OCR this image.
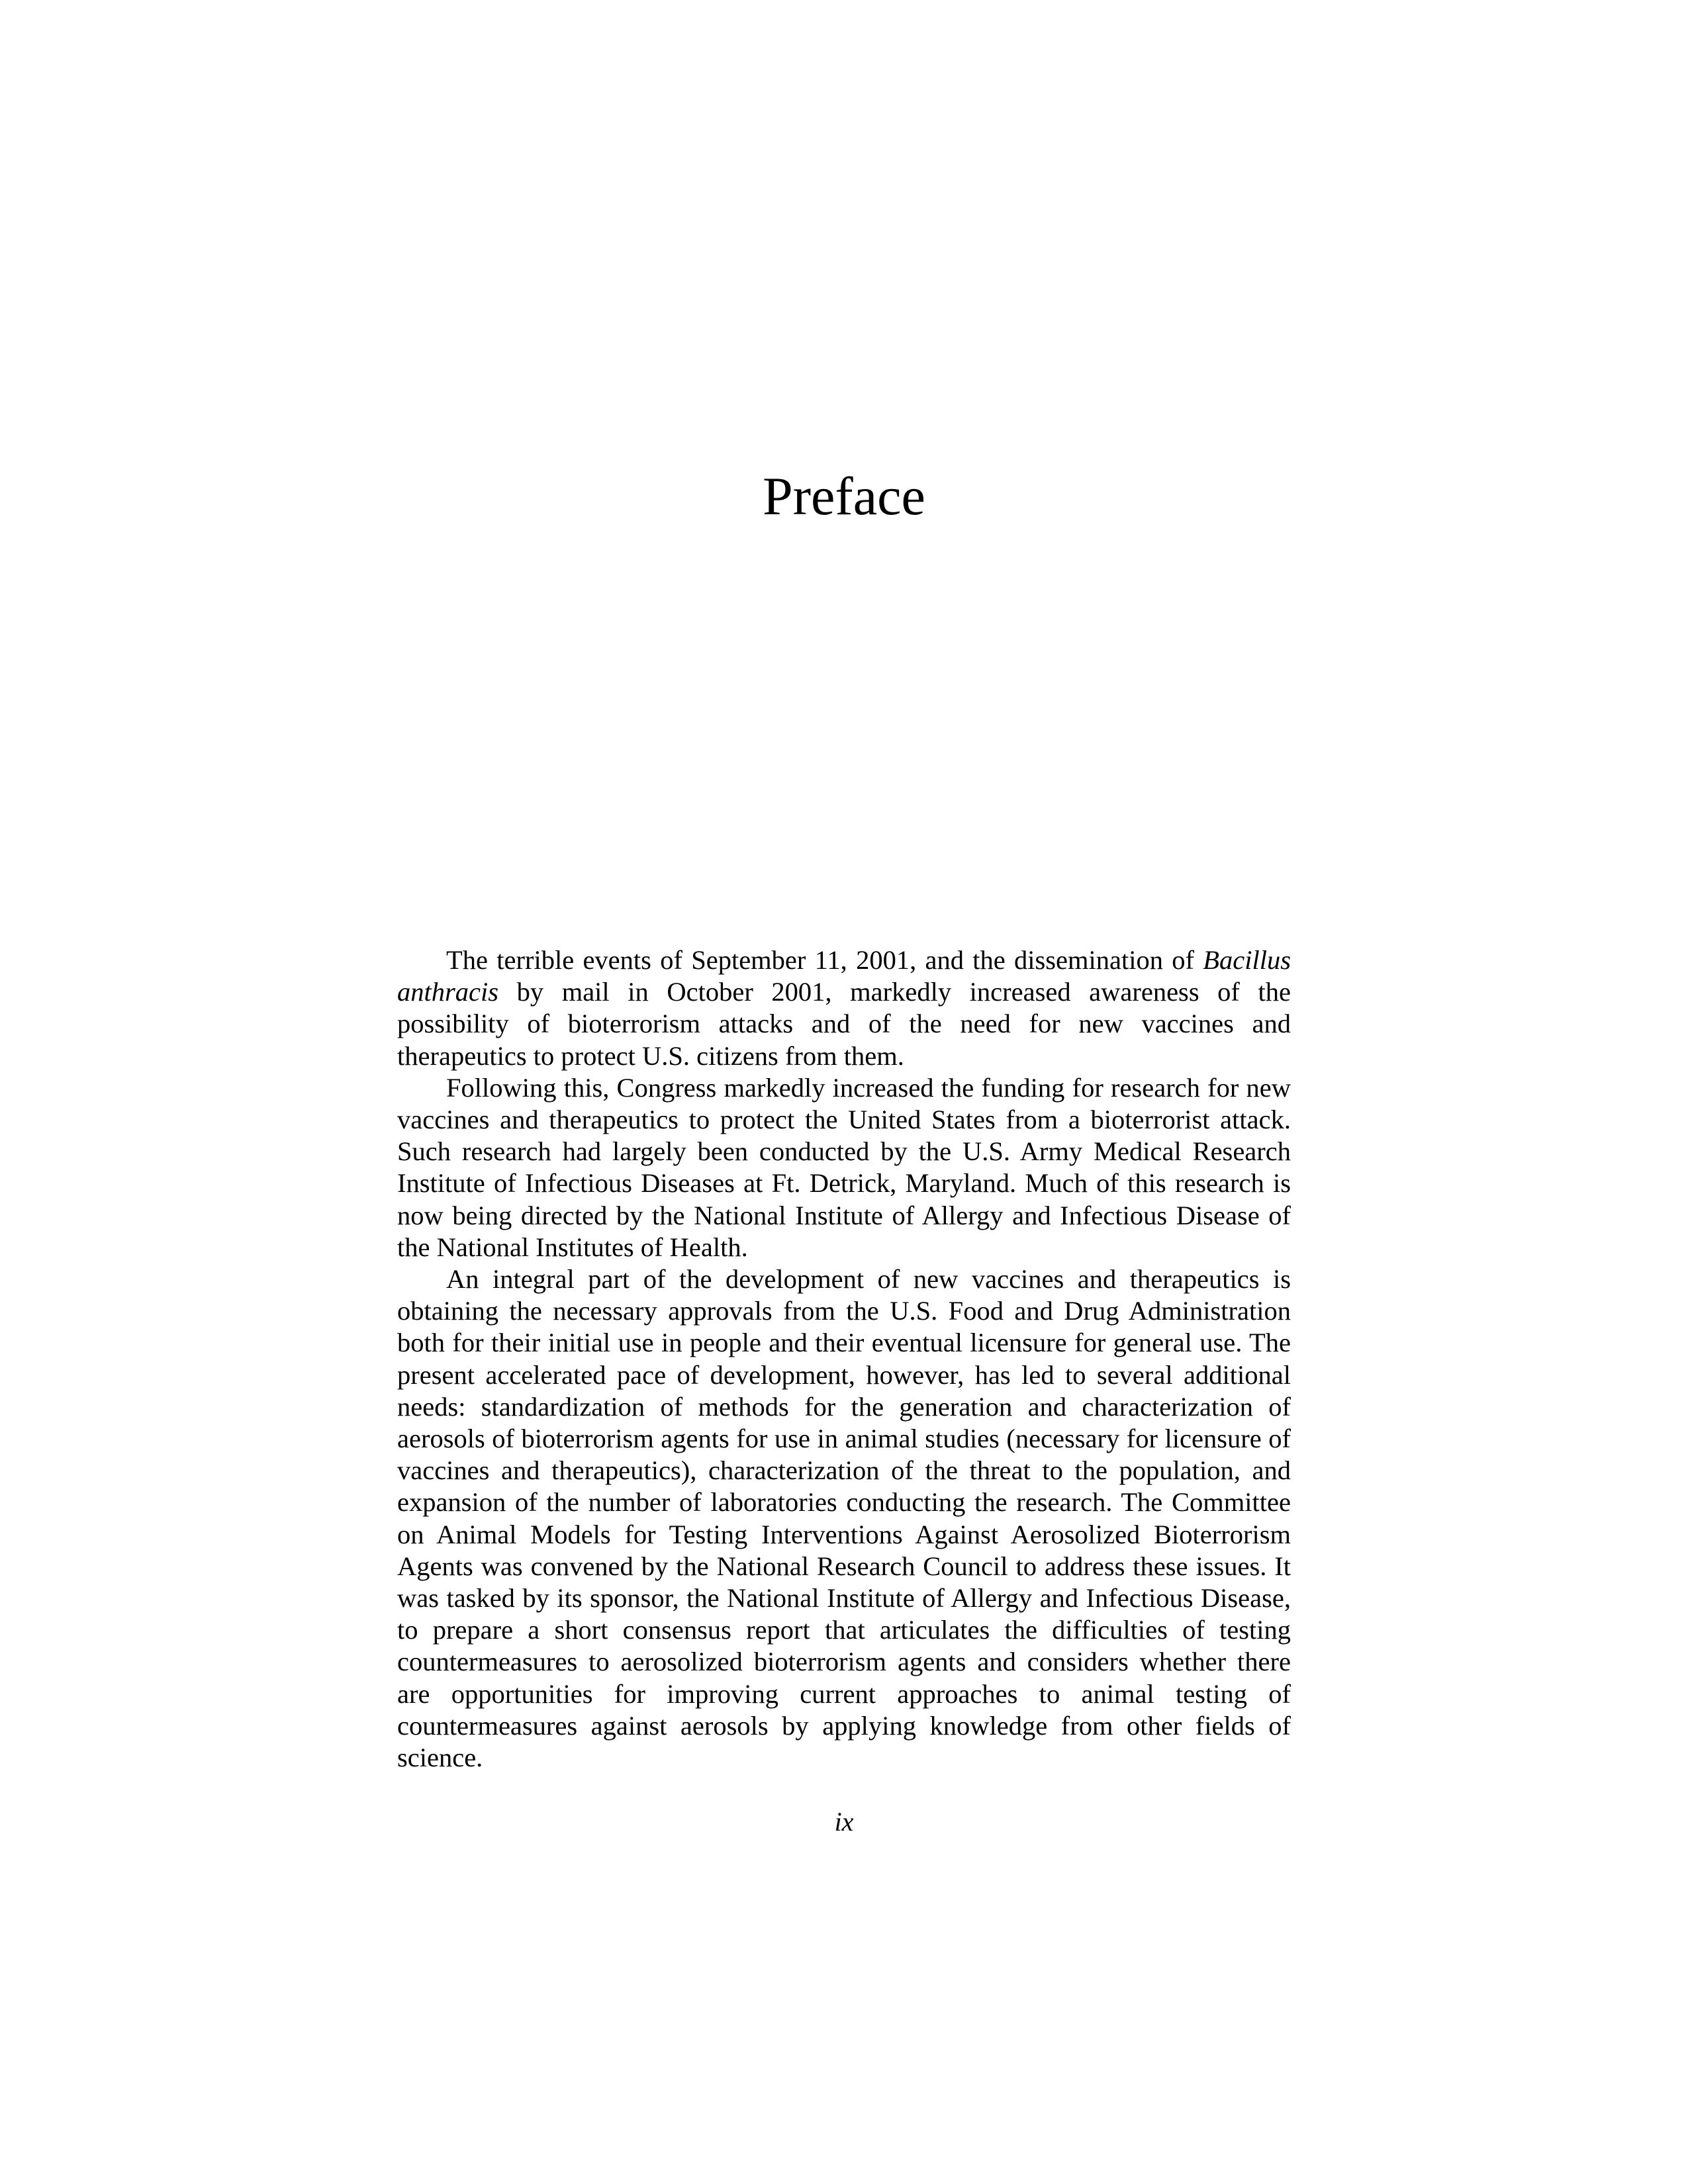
Preface

The terrible events of September 11, 2001, and the dissemination of Bacillus anthracis by mail in October 2001, markedly increased awareness of the possibility of bioterrorism attacks and of the need for new vaccines and therapeutics to protect U.S. citizens from them.

Following this, Congress markedly increased the funding for research for new vaccines and therapeutics to protect the United States from a bioterrorist attack. Such research had largely been conducted by the U.S. Army Medical Research Institute of Infectious Diseases at Ft. Detrick, Maryland. Much of this research is now being directed by the National Institute of Allergy and Infectious Disease of the National Institutes of Health.

An integral part of the development of new vaccines and therapeutics is obtaining the necessary approvals from the U.S. Food and Drug Administration both for their initial use in people and their eventual licensure for general use. The present accelerated pace of development, however, has led to several additional needs: standardization of methods for the generation and characterization of aerosols of bioterrorism agents for use in animal studies (necessary for licensure of vaccines and therapeutics), characterization of the threat to the population, and expansion of the number of laboratories conducting the research. The Committee on Animal Models for Testing Interventions Against Aerosolized Bioterrorism Agents was convened by the National Research Council to address these issues. It was tasked by its sponsor, the National Institute of Allergy and Infectious Disease, to prepare a short consensus report that articulates the difficulties of testing countermeasures to aerosolized bioterrorism agents and considers whether there are opportunities for improving current approaches to animal testing of countermeasures against aerosols by applying knowledge from other fields of science.

ix
